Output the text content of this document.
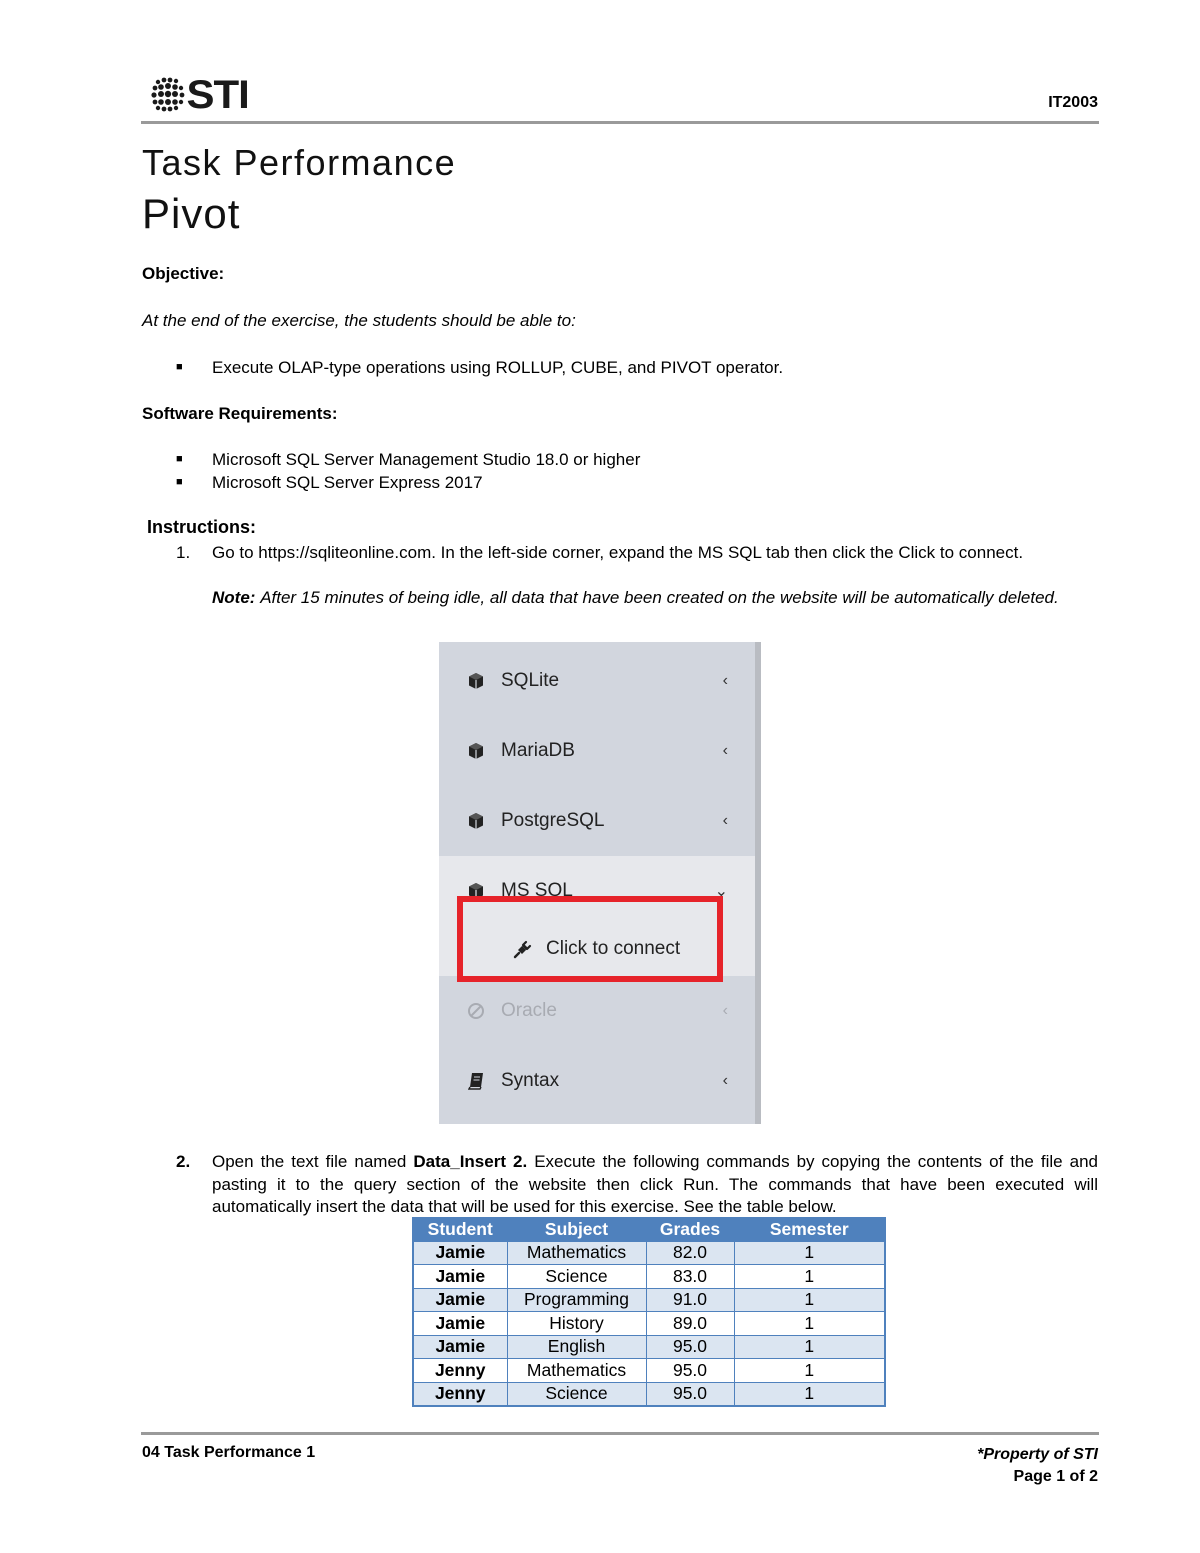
STI	IT2003
Task Performance
Pivot
Objective:
At the end of the exercise, the students should be able to:
■ Execute OLAP-type operations using ROLLUP, CUBE, and PIVOT operator.
Software Requirements:
■ Microsoft SQL Server Management Studio 18.0 or higher
■ Microsoft SQL Server Express 2017
Instructions:
1. Go to https://sqliteonline.com. In the left-side corner, expand the MS SQL tab then click the Click to connect.
Note: After 15 minutes of being idle, all data that have been created on the website will be automatically deleted.
SQLite	‹
MariaDB	‹
PostgreSQL	‹
MS SQL	⌄
Click to connect
Oracle	‹
Syntax	‹
2. Open the text file named Data_Insert 2. Execute the following commands by copying the contents of the file and pasting it to the query section of the website then click Run. The commands that have been executed will automatically insert the data that will be used for this exercise. See the table below.
Student	Subject	Grades	Semester
Jamie	Mathematics	82.0	1
Jamie	Science	83.0	1
Jamie	Programming	91.0	1
Jamie	History	89.0	1
Jamie	English	95.0	1
Jenny	Mathematics	95.0	1
Jenny	Science	95.0	1
04 Task Performance 1	*Property of STI
Page 1 of 2
